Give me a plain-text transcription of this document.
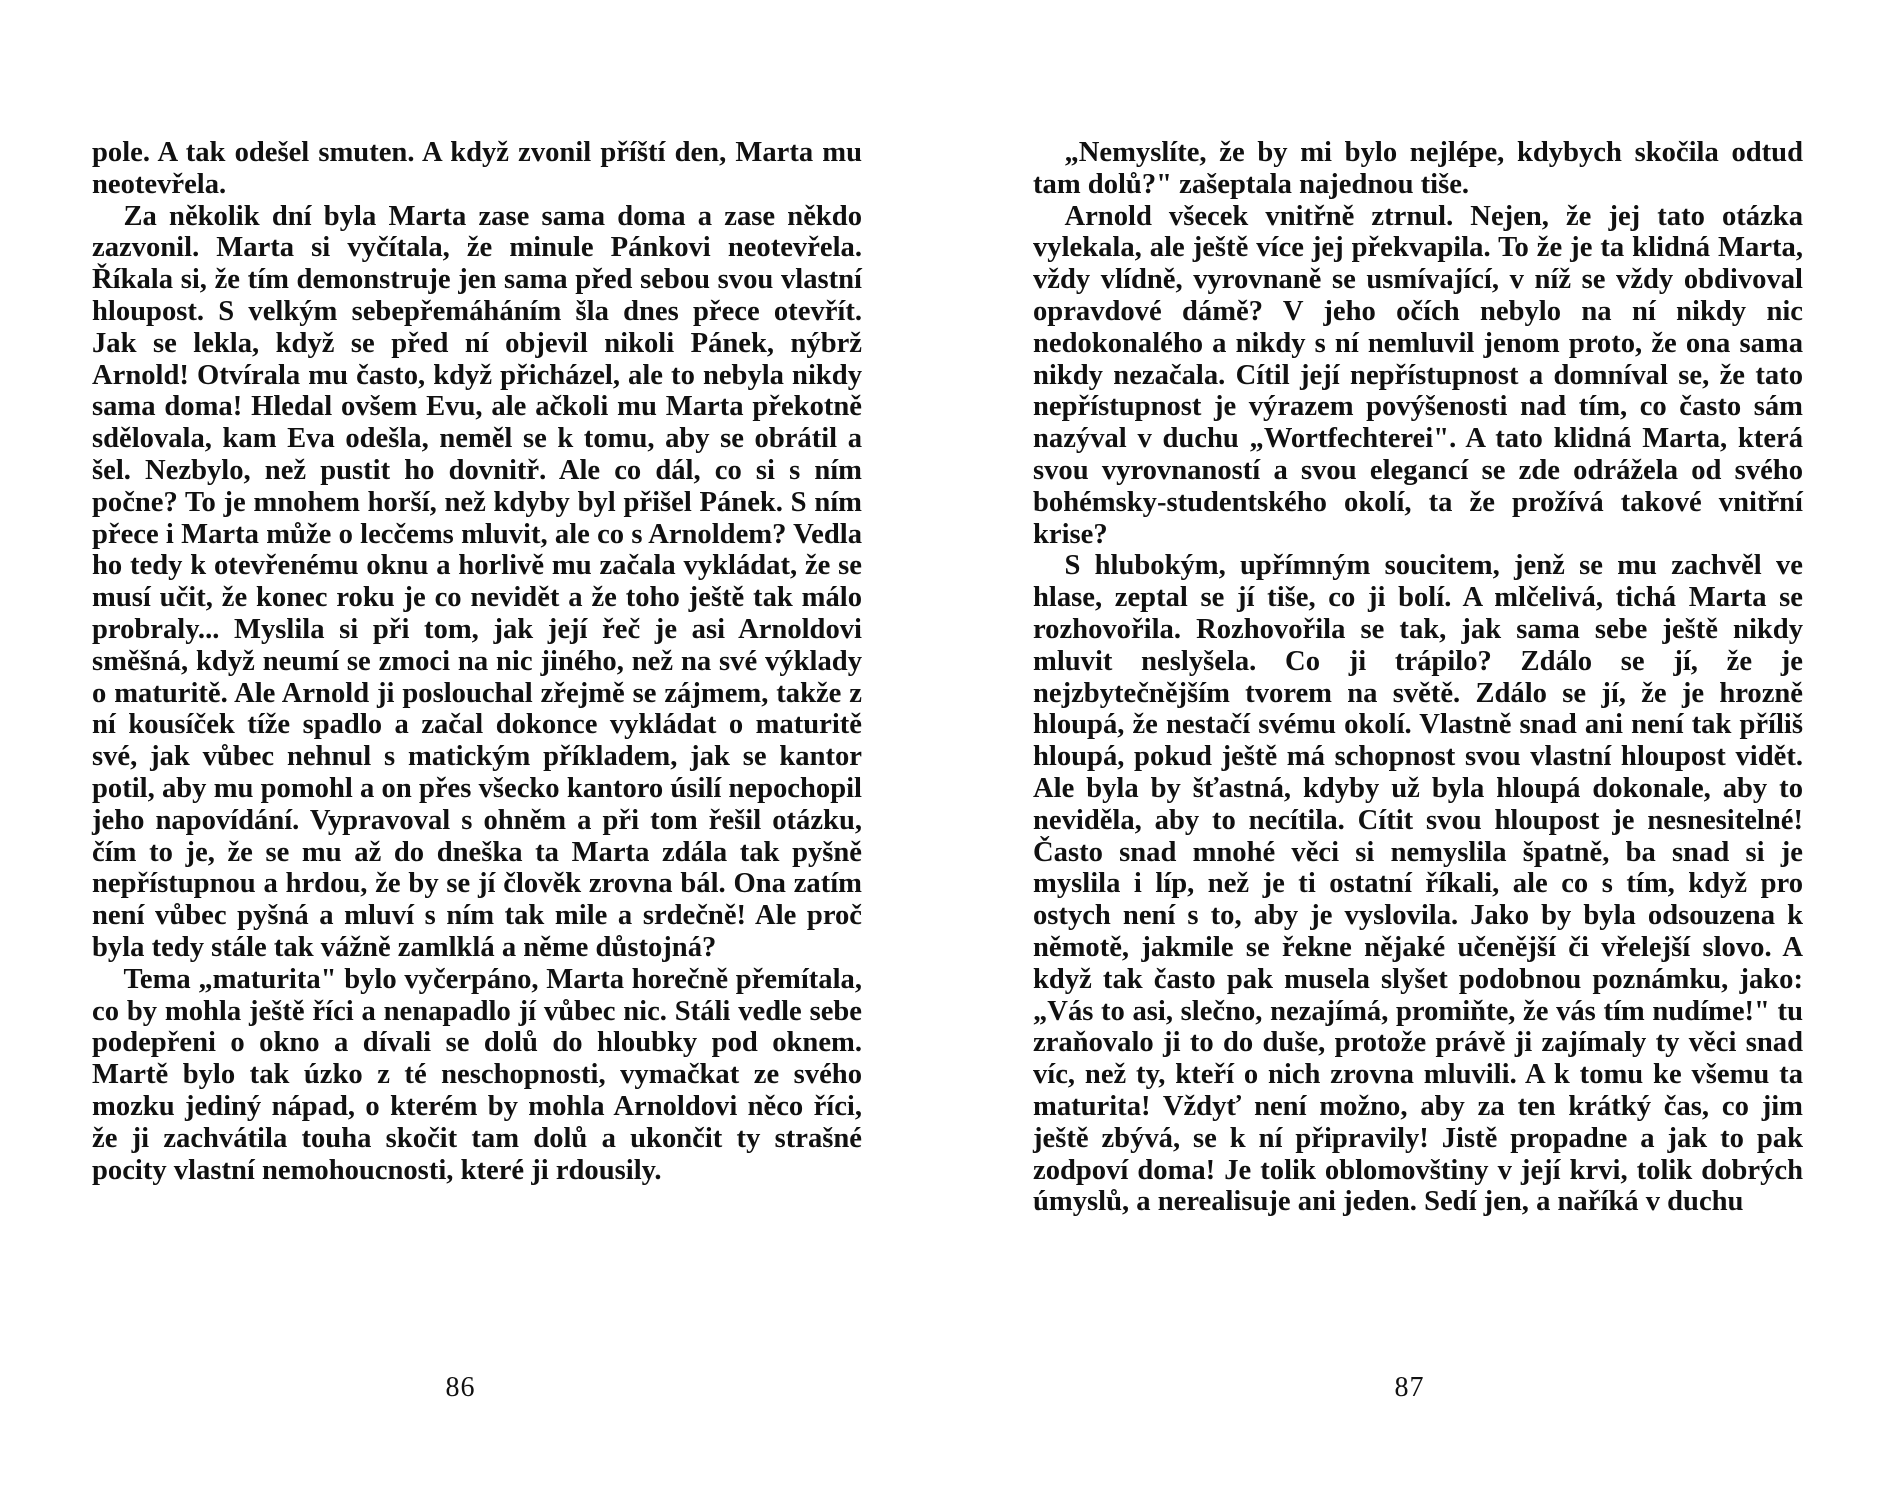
pole. A tak odešel smuten. A když zvonil příští den, Marta mu neotevřela.

Za několik dní byla Marta zase sama doma a zase někdo zazvonil. Marta si vyčítala, že minule Pánkovi neotevřela. Říkala si, že tím demonstruje jen sama před sebou svou vlastní hloupost. S velkým sebepřemáháním šla dnes přece otevřít. Jak se lekla, když se před ní objevil nikoli Pánek, nýbrž Arnold! Otvírala mu často, když přicházel, ale to nebyla nikdy sama doma! Hledal ovšem Evu, ale ačkoli mu Marta překotně sdělovala, kam Eva odešla, neměl se k tomu, aby se obrátil a šel. Nezbylo, než pustit ho dovnitř. Ale co dál, co si s ním počne? To je mnohem horší, než kdyby byl přišel Pánek. S ním přece i Marta může o lecčems mluvit, ale co s Arnoldem? Vedla ho tedy k otevřenému oknu a horlivě mu začala vykládat, že se musí učit, že konec roku je co nevidět a že toho ještě tak málo probraly... Myslila si při tom, jak její řeč je asi Arnoldovi směšná, když neumí se zmoci na nic jiného, než na své výklady o maturitě. Ale Arnold ji poslouchal zřejmě se zájmem, takže z ní kousíček tíže spadlo a začal dokonce vykládat o maturitě své, jak vůbec nehnul s matickým příkladem, jak se kantor potil, aby mu pomohl a on přes všecko kantoro úsilí nepochopil jeho napovídání. Vypravoval s ohněm a při tom řešil otázku, čím to je, že se mu až do dneška ta Marta zdála tak pyšně nepřístupnou a hrdou, že by se jí člověk zrovna bál. Ona zatím není vůbec pyšná a mluví s ním tak mile a srdečně! Ale proč byla tedy stále tak vážně zamlklá a něme důstojná?

Tema „maturita" bylo vyčerpáno, Marta horečně přemítala, co by mohla ještě říci a nenapadlo jí vůbec nic. Stáli vedle sebe podepřeni o okno a dívali se dolů do hloubky pod oknem. Martě bylo tak úzko z té neschopnosti, vymačkat ze svého mozku jediný nápad, o kterém by mohla Arnoldovi něco říci, že ji zachvátila touha skočit tam dolů a ukončit ty strašné pocity vlastní nemohoucnosti, které ji rdousily.

86

„Nemyslíte, že by mi bylo nejlépe, kdybych skočila odtud tam dolů?" zašeptala najednou tiše.

Arnold všecek vnitřně ztrnul. Nejen, že jej tato otázka vylekala, ale ještě více jej překvapila. To že je ta klidná Marta, vždy vlídně, vyrovnaně se usmívající, v níž se vždy obdivoval opravdové dámě? V jeho očích nebylo na ní nikdy nic nedokonalého a nikdy s ní nemluvil jenom proto, že ona sama nikdy nezačala. Cítil její nepřístupnost a domníval se, že tato nepřístupnost je výrazem povýšenosti nad tím, co často sám nazýval v duchu „Wortfechterei". A tato klidná Marta, která svou vyrovnaností a svou elegancí se zde odrážela od svého bohémsky-studentského okolí, ta že prožívá takové vnitřní krise?

S hlubokým, upřímným soucitem, jenž se mu zachvěl ve hlase, zeptal se jí tiše, co ji bolí. A mlčelivá, tichá Marta se rozhovořila. Rozhovořila se tak, jak sama sebe ještě nikdy mluvit neslyšela. Co ji trápilo? Zdálo se jí, že je nejzbytečnějším tvorem na světě. Zdálo se jí, že je hrozně hloupá, že nestačí svému okolí. Vlastně snad ani není tak příliš hloupá, pokud ještě má schopnost svou vlastní hloupost vidět. Ale byla by šťastná, kdyby už byla hloupá dokonale, aby to neviděla, aby to necítila. Cítit svou hloupost je nesnesitelné! Často snad mnohé věci si nemyslila špatně, ba snad si je myslila i líp, než je ti ostatní říkali, ale co s tím, když pro ostych není s to, aby je vyslovila. Jako by byla odsouzena k němotě, jakmile se řekne nějaké učenější či vřelejší slovo. A když tak často pak musela slyšet podobnou poznámku, jako: „Vás to asi, slečno, nezajímá, promiňte, že vás tím nudíme!" tu zraňovalo ji to do duše, protože právě ji zajímaly ty věci snad víc, než ty, kteří o nich zrovna mluvili. A k tomu ke všemu ta maturita! Vždyť není možno, aby za ten krátký čas, co jim ještě zbývá, se k ní připravily! Jistě propadne a jak to pak zodpoví doma! Je tolik oblomovštiny v její krvi, tolik dobrých úmyslů, a nerealisuje ani jeden. Sedí jen, a naříká v duchu

87
